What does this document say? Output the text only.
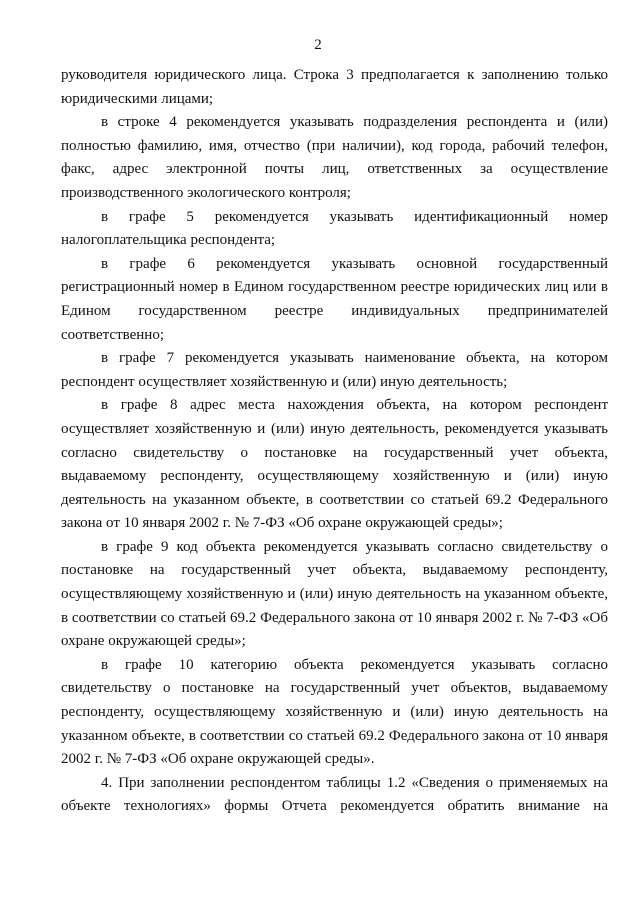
2

руководителя юридического лица. Строка 3 предполагается к заполнению только юридическими лицами;

в строке 4 рекомендуется указывать подразделения респондента и (или) полностью фамилию, имя, отчество (при наличии), код города, рабочий телефон, факс, адрес электронной почты лиц, ответственных за осуществление производственного экологического контроля;

в графе 5 рекомендуется указывать идентификационный номер налогоплательщика респондента;

в графе 6 рекомендуется указывать основной государственный регистрационный номер в Едином государственном реестре юридических лиц или в Едином государственном реестре индивидуальных предпринимателей соответственно;

в графе 7 рекомендуется указывать наименование объекта, на котором респондент осуществляет хозяйственную и (или) иную деятельность;

в графе 8 адрес места нахождения объекта, на котором респондент осуществляет хозяйственную и (или) иную деятельность, рекомендуется указывать согласно свидетельству о постановке на государственный учет объекта, выдаваемому респонденту, осуществляющему хозяйственную и (или) иную деятельность на указанном объекте, в соответствии со статьей 69.2 Федерального закона от 10 января 2002 г. № 7-ФЗ «Об охране окружающей среды»;

в графе 9 код объекта рекомендуется указывать согласно свидетельству о постановке на государственный учет объекта, выдаваемому респонденту, осуществляющему хозяйственную и (или) иную деятельность на указанном объекте, в соответствии со статьей 69.2 Федерального закона от 10 января 2002 г. № 7-ФЗ «Об охране окружающей среды»;

в графе 10 категорию объекта рекомендуется указывать согласно свидетельству о постановке на государственный учет объектов, выдаваемому респонденту, осуществляющему хозяйственную и (или) иную деятельность на указанном объекте, в соответствии со статьей 69.2 Федерального закона от 10 января 2002 г. № 7-ФЗ «Об охране окружающей среды».

4. При заполнении респондентом таблицы 1.2 «Сведения о применяемых на объекте технологиях» формы Отчета рекомендуется обратить внимание на
